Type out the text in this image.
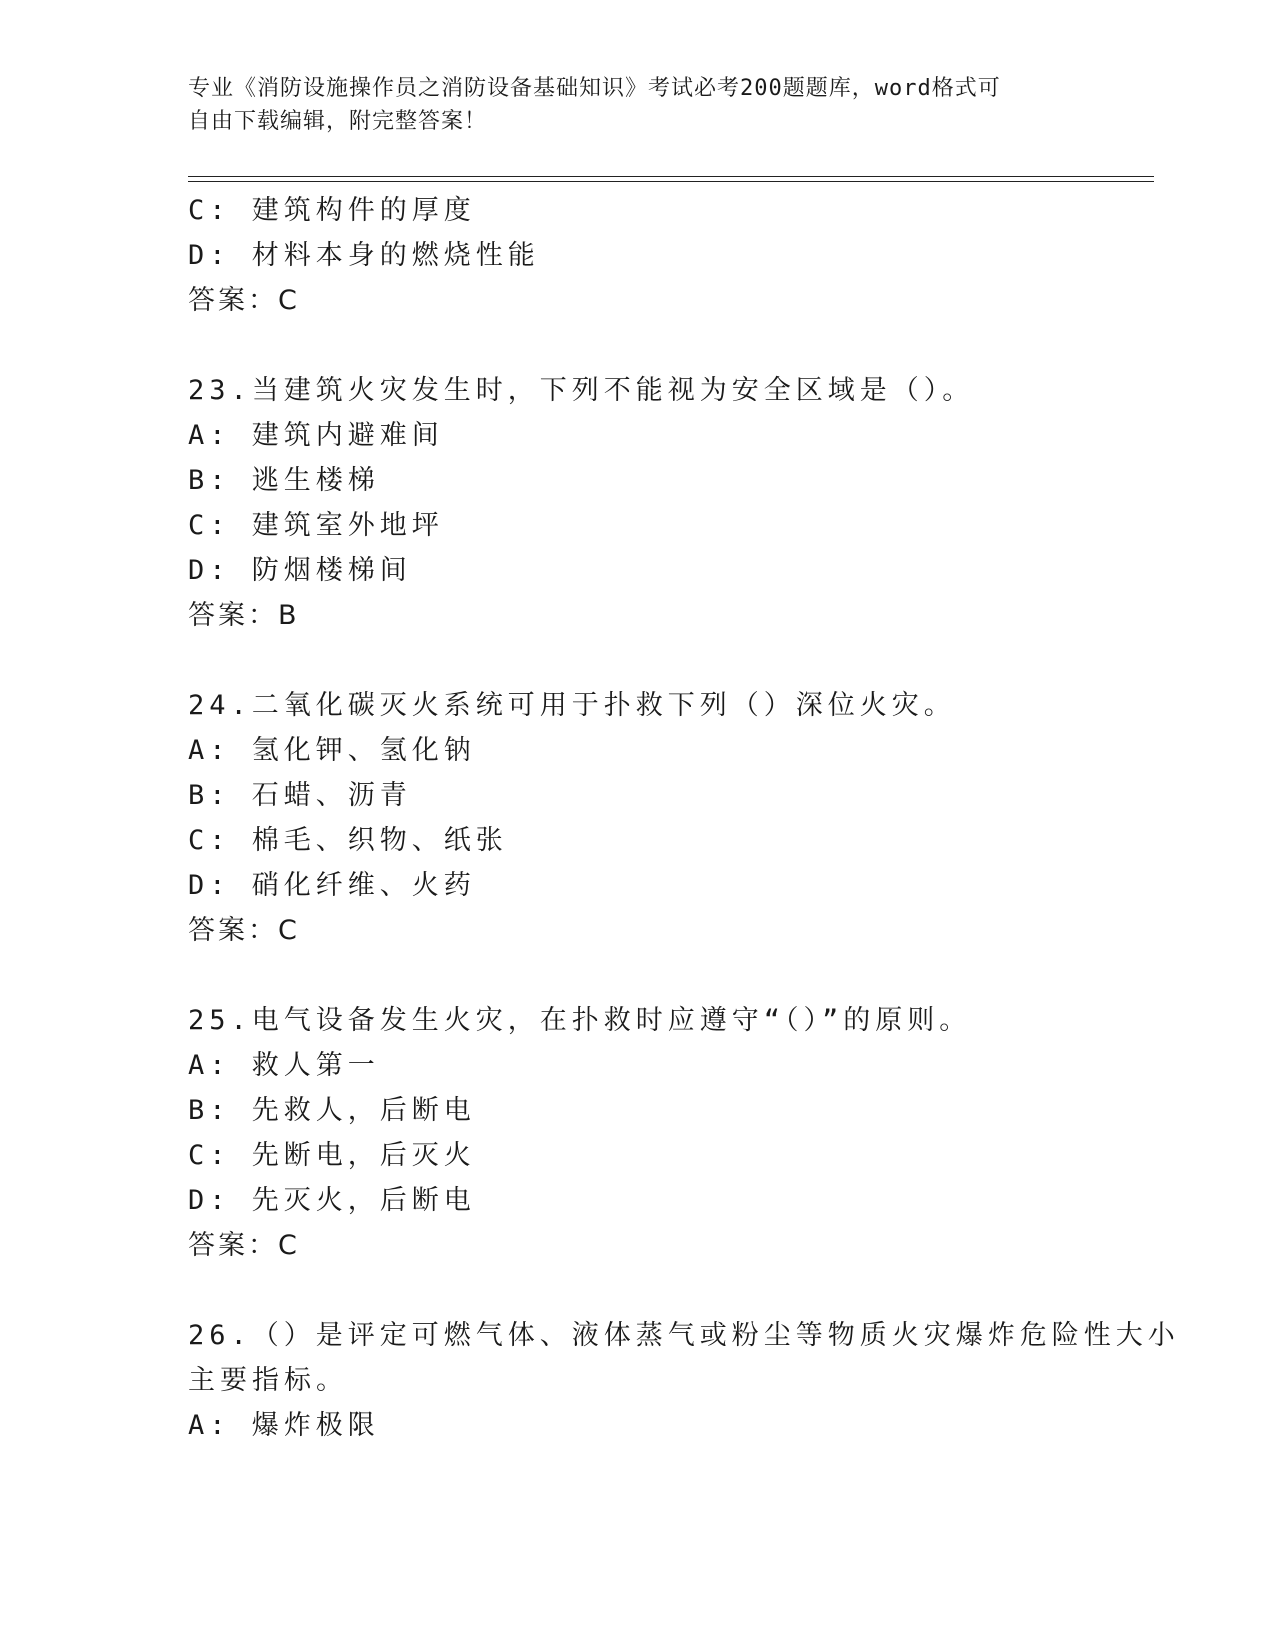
专业《消防设施操作员之消防设备基础知识》考试必考200题题库，word格式可
自由下载编辑，附完整答案！
C: 建筑构件的厚度
D: 材料本身的燃烧性能
答案：C
23.当建筑火灾发生时，下列不能视为安全区域是（）。
A: 建筑内避难间
B: 逃生楼梯
C: 建筑室外地坪
D: 防烟楼梯间
答案：B
24.二氧化碳灭火系统可用于扑救下列（）深位火灾。
A: 氢化钾、氢化钠
B: 石蜡、沥青
C: 棉毛、织物、纸张
D: 硝化纤维、火药
答案：C
25.电气设备发生火灾，在扑救时应遵守“（）”的原则。
A: 救人第一
B: 先救人，后断电
C: 先断电，后灭火
D: 先灭火，后断电
答案：C
26.（）是评定可燃气体、液体蒸气或粉尘等物质火灾爆炸危险性大小
主要指标。
A: 爆炸极限
